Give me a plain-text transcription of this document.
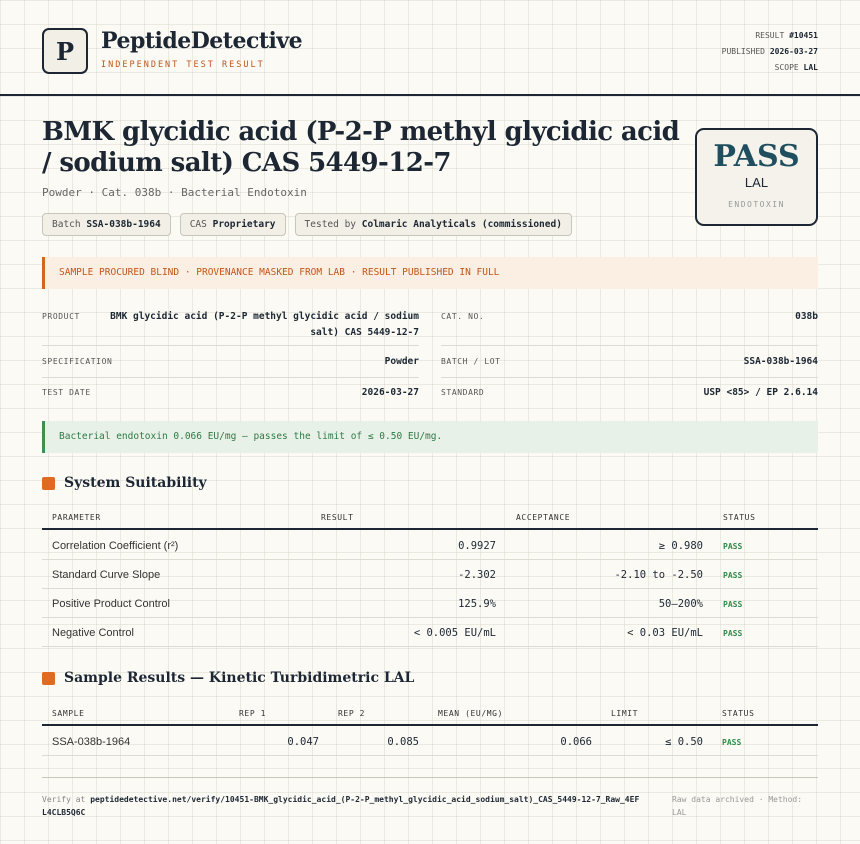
P	PeptideDetective
INDEPENDENT TEST RESULT
RESULT #10451
PUBLISHED 2026-03-27
SCOPE LAL
BMK glycidic acid (P-2-P methyl glycidic acid / sodium salt) CAS 5449-12-7
Powder · Cat. 038b · Bacterial Endotoxin
Batch SSA-038b-1964	CAS Proprietary	Tested by Colmaric Analyticals (commissioned)
PASS
LAL
ENDOTOXIN
SAMPLE PROCURED BLIND · PROVENANCE MASKED FROM LAB · RESULT PUBLISHED IN FULL
PRODUCT	BMK glycidic acid (P-2-P methyl glycidic acid / sodium salt) CAS 5449-12-7
CAT. NO.	038b
SPECIFICATION	Powder	BATCH / LOT	SSA-038b-1964
TEST DATE	2026-03-27	STANDARD	USP <85> / EP 2.6.14
Bacterial endotoxin 0.066 EU/mg — passes the limit of ≤ 0.50 EU/mg.
System Suitability
PARAMETER	RESULT	ACCEPTANCE	STATUS
Correlation Coefficient (r²)	0.9927	≥ 0.980	PASS
Standard Curve Slope	-2.302	-2.10 to -2.50	PASS
Positive Product Control	125.9%	50–200%	PASS
Negative Control	< 0.005 EU/mL	< 0.03 EU/mL	PASS
Sample Results — Kinetic Turbidimetric LAL
SAMPLE	REP 1	REP 2	MEAN (EU/MG)	LIMIT	STATUS
SSA-038b-1964	0.047	0.085	0.066	≤ 0.50 PASS
Verify at peptidedetective.net/verify/10451-BMK_glycidic_acid_(P-2-P_methyl_glycidic_acid_sodium_salt)_CAS_5449-12-7_Raw_4EFL4CLB5Q6C
Raw data archived · Method: LAL
